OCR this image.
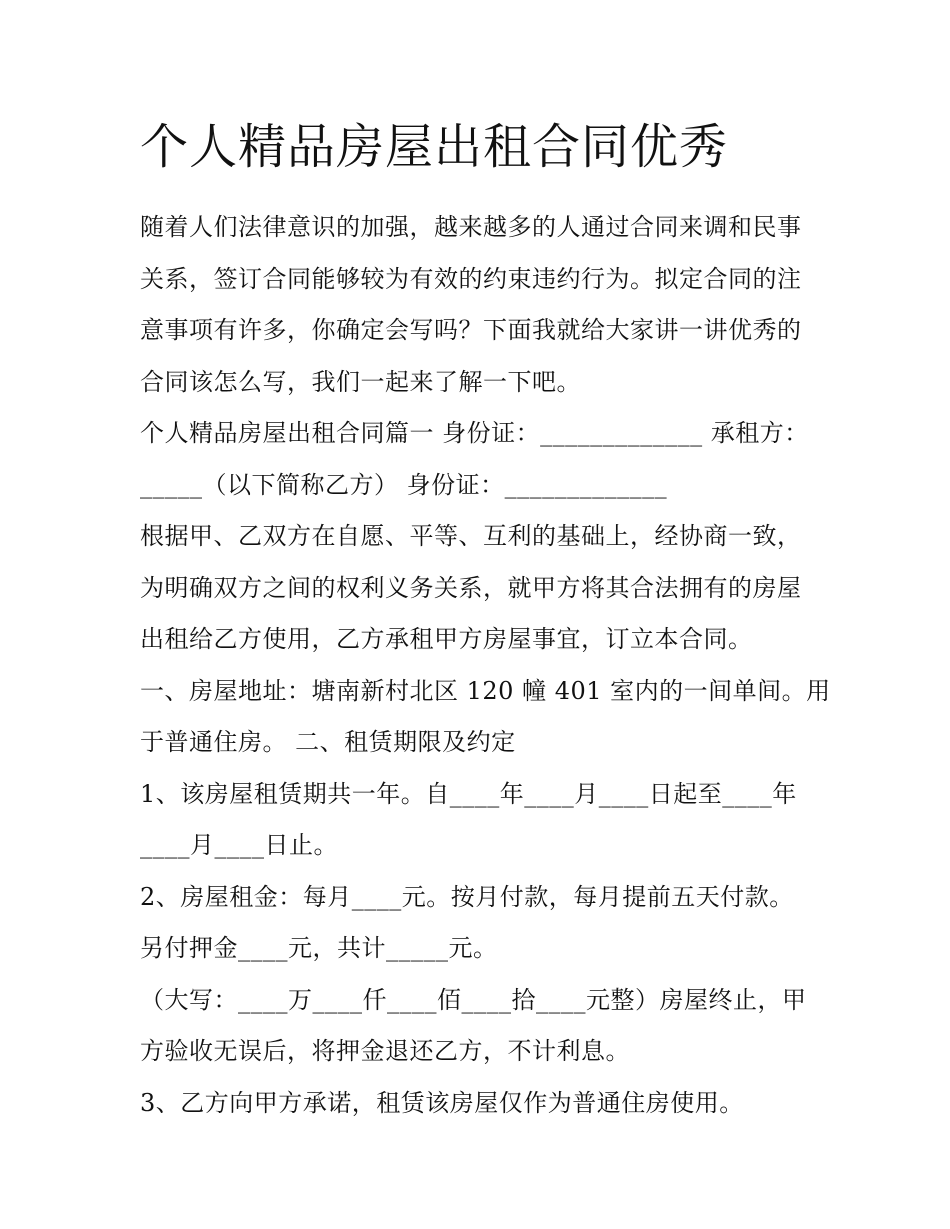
个人精品房屋出租合同优秀
随着人们法律意识的加强，越来越多的人通过合同来调和民事
关系，签订合同能够较为有效的约束违约行为。拟定合同的注
意事项有许多，你确定会写吗？下面我就给大家讲一讲优秀的
合同该怎么写，我们一起来了解一下吧。
个人精品房屋出租合同篇一 身份证：_____________ 承租方：
_____（以下简称乙方） 身份证：_____________
根据甲、乙双方在自愿、平等、互利的基础上，经协商一致，
为明确双方之间的权利义务关系，就甲方将其合法拥有的房屋
出租给乙方使用，乙方承租甲方房屋事宜，订立本合同。
一、房屋地址：塘南新村北区 120 幢 401 室内的一间单间。用
于普通住房。 二、租赁期限及约定
1、该房屋租赁期共一年。自____年____月____日起至____年
____月____日止。
2、房屋租金：每月____元。按月付款，每月提前五天付款。
另付押金____元，共计_____元。
（大写：____万____仟____佰____拾____元整）房屋终止，甲
方验收无误后，将押金退还乙方，不计利息。
3、乙方向甲方承诺，租赁该房屋仅作为普通住房使用。
